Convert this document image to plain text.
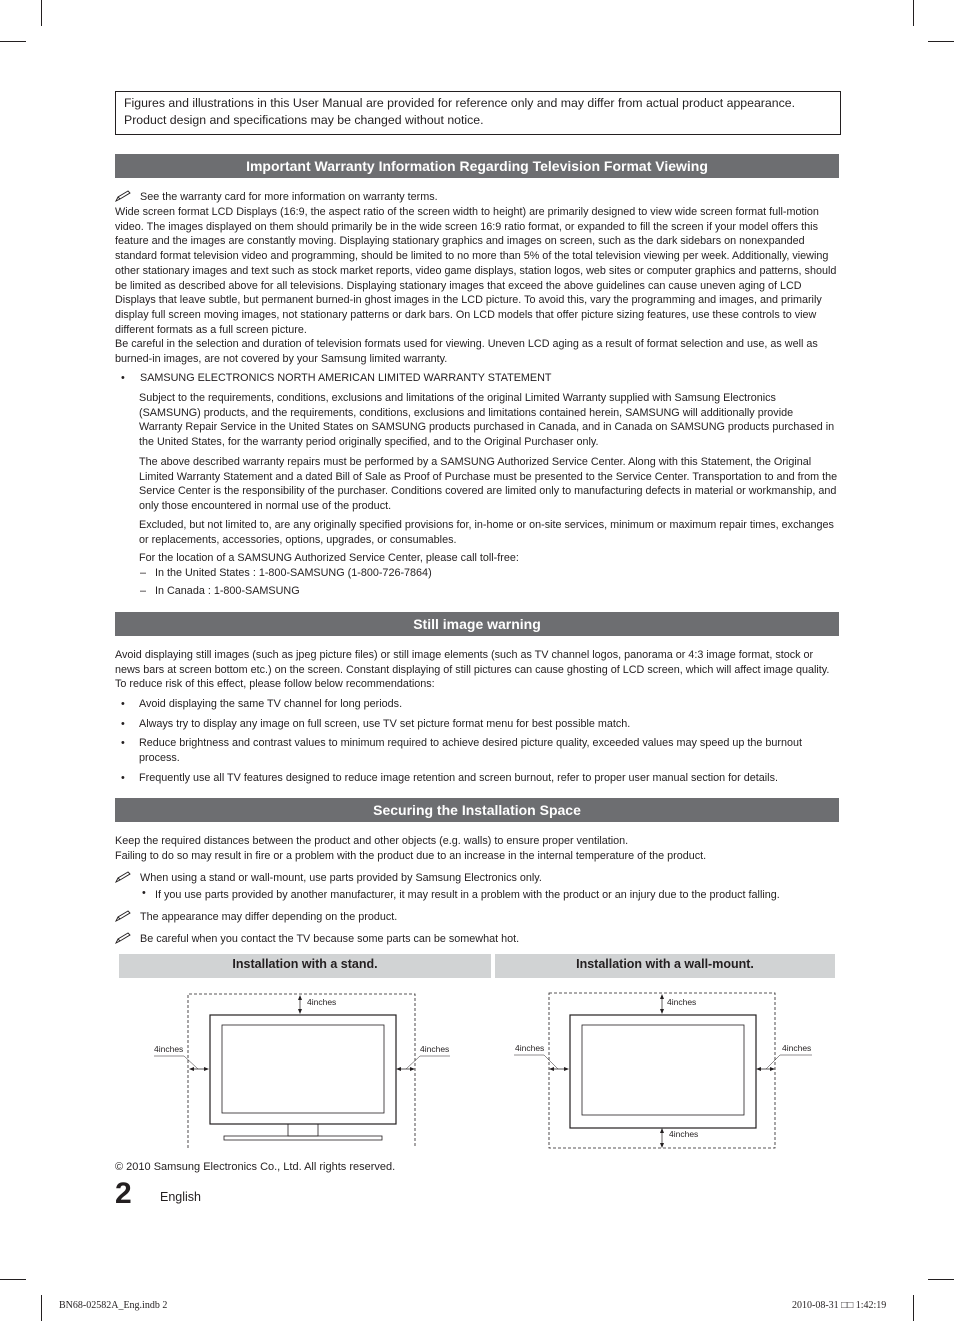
Figures and illustrations in this User Manual are provided for reference only and may differ from actual product appearance.
Product design and specifications may be changed without notice.
Important Warranty Information Regarding Television Format Viewing
See the warranty card for more information on warranty terms.

Wide screen format LCD Displays (16:9, the aspect ratio of the screen width to height) are primarily designed to view wide screen format full-motion video. The images displayed on them should primarily be in the wide screen 16:9 ratio format, or expanded to fill the screen if your model offers this feature and the images are constantly moving. Displaying stationary graphics and images on screen, such as the dark sidebars on nonexpanded standard format television video and programming, should be limited to no more than 5% of the total television viewing per week. Additionally, viewing other stationary images and text such as stock market reports, video game displays, station logos, web sites or computer graphics and patterns, should be limited as described above for all televisions. Displaying stationary images that exceed the above guidelines can cause uneven aging of LCD Displays that leave subtle, but permanent burned-in ghost images in the LCD picture. To avoid this, vary the programming and images, and primarily display full screen moving images, not stationary patterns or dark bars. On LCD models that offer picture sizing features, use these controls to view different formats as a full screen picture.

Be careful in the selection and duration of television formats used for viewing. Uneven LCD aging as a result of format selection and use, as well as burned-in images, are not covered by your Samsung limited warranty.

• SAMSUNG ELECTRONICS NORTH AMERICAN LIMITED WARRANTY STATEMENT

Subject to the requirements, conditions, exclusions and limitations of the original Limited Warranty supplied with Samsung Electronics (SAMSUNG) products, and the requirements, conditions, exclusions and limitations contained herein, SAMSUNG will additionally provide Warranty Repair Service in the United States on SAMSUNG products purchased in Canada, and in Canada on SAMSUNG products purchased in the United States, for the warranty period originally specified, and to the Original Purchaser only.

The above described warranty repairs must be performed by a SAMSUNG Authorized Service Center. Along with this Statement, the Original Limited Warranty Statement and a dated Bill of Sale as Proof of Purchase must be presented to the Service Center. Transportation to and from the Service Center is the responsibility of the purchaser. Conditions covered are limited only to manufacturing defects in material or workmanship, and only those encountered in normal use of the product.

Excluded, but not limited to, are any originally specified provisions for, in-home or on-site services, minimum or maximum repair times, exchanges or replacements, accessories, options, upgrades, or consumables.

For the location of a SAMSUNG Authorized Service Center, please call toll-free:

– In the United States : 1-800-SAMSUNG (1-800-726-7864)
– In Canada : 1-800-SAMSUNG
Still image warning

Avoid displaying still images (such as jpeg picture files) or still image elements (such as TV channel logos, panorama or 4:3 image format, stock or news bars at screen bottom etc.) on the screen. Constant displaying of still pictures can cause ghosting of LCD screen, which will affect image quality. To reduce risk of this effect, please follow below recommendations:

• Avoid displaying the same TV channel for long periods.

• Always try to display any image on full screen, use TV set picture format menu for best possible match.

• Reduce brightness and contrast values to minimum required to achieve desired picture quality, exceeded values may speed up the burnout process.

• Frequently use all TV features designed to reduce image retention and screen burnout, refer to proper user manual section for details.

Securing the Installation Space
Keep the required distances between the product and other objects (e.g. walls) to ensure proper ventilation.
Failing to do so may result in fire or a problem with the product due to an increase in the internal temperature of the product.
When using a stand or wall-mount, use parts provided by Samsung Electronics only.
• If you use parts provided by another manufacturer, it may result in a problem with the product or an injury due to the product falling.
The appearance may differ depending on the product.
Be careful when you contact the TV because some parts can be somewhat hot.
Installation with a stand.	Installation with a wall-mount.
4inches
4inches	4inches
4inches
4inches	4inches
4inches
© 2010 Samsung Electronics Co., Ltd. All rights reserved.
2 English
BN68-02582A_Eng.indb 2	2010-08-31 □□ 1:42:19
